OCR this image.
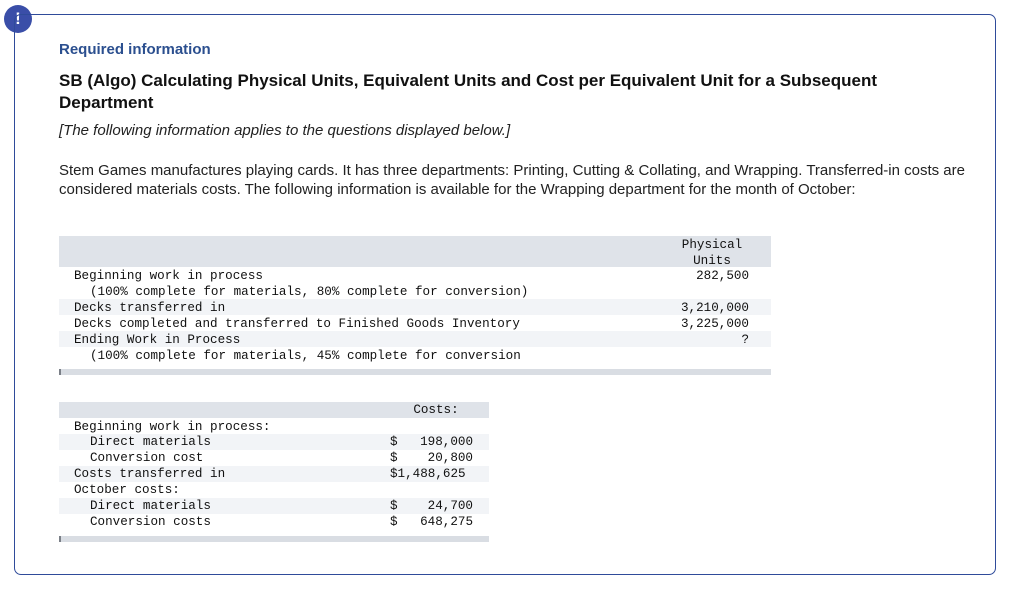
!
Required information
SB (Algo) Calculating Physical Units, Equivalent Units and Cost per Equivalent Unit for a Subsequent Department
[The following information applies to the questions displayed below.]
Stem Games manufactures playing cards. It has three departments: Printing, Cutting & Collating, and Wrapping. Transferred-in costs are considered materials costs. The following information is available for the Wrapping department for the month of October:
Physical
Units
Beginning work in process	282,500
(100% complete for materials, 80% complete for conversion)
Decks transferred in	3,210,000
Decks completed and transferred to Finished Goods Inventory	3,225,000
Ending Work in Process	?
(100% complete for materials, 45% complete for conversion
Costs:
Beginning work in process:
Direct materials	$	198,000
Conversion cost	$	20,800
Costs transferred in	$1,488,625
October costs:
Direct materials	$	24,700
Conversion costs	$	648,275
